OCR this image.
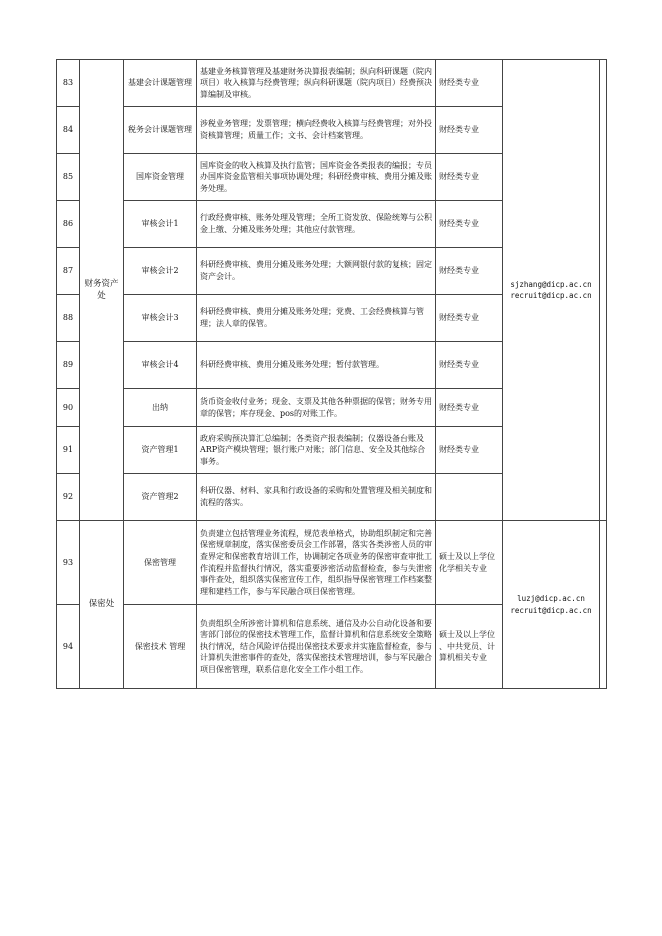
83	财务资产处	基建会计课题管理	基建业务核算管理及基建财务决算报表编制；纵向科研课题（院内项目）收入核算与经费管理；纵向科研课题（院内项目）经费预决算编制及审核。	财经类专业	sjzhang@dicp.ac.cn
recruit@dicp.ac.cn	

84		税务会计课题管理	涉税业务管理；发票管理；横向经费收入核算与经费管理；对外投资核算管理；质量工作；文书、会计档案管理。	财经类专业		
85		国库资金管理	国库资金的收入核算及执行监管；国库资金各类报表的编报；专员办国库资金监管相关事项协调处理；科研经费审核、费用分摊及账务处理。	财经类专业		
86		审核会计1	行政经费审核、账务处理及管理；全所工资发放、保险统筹与公积金上缴、分摊及账务处理；其他应付款管理。	财经类专业		
87		审核会计2	科研经费审核、费用分摊及账务处理；大额网银付款的复核；固定资产会计。	财经类专业		
88		审核会计3	科研经费审核、费用分摊及账务处理；党费、工会经费核算与管理；法人章的保管。	财经类专业		
89		审核会计4	科研经费审核、费用分摊及账务处理；暂付款管理。	财经类专业		
90		出纳	货币资金收付业务；现金、支票及其他各种票据的保管；财务专用章的保管；库存现金、pos的对账工作。	财经类专业		
91		资产管理1	政府采购预决算汇总编制；各类资产报表编制；仪器设备台账及ARP资产模块管理；银行账户对账；部门信息、安全及其他综合事务。	财经类专业		
92		资产管理2	科研仪器、材料、家具和行政设备的采购和处置管理及相关制度和流程的落实。			
93	保密处	保密管理	负责建立包括管理业务流程，规范表单格式，协助组织制定和完善保密规章制度，落实保密委员会工作部署，落实各类涉密人员的审查界定和保密教育培训工作，协调制定各项业务的保密审查审批工作流程并监督执行情况，落实重要涉密活动监督检查，参与失泄密事件查处，组织落实保密宣传工作，组织指导保密管理工作档案整理和建档工作，参与军民融合项目保密管理。	硕士及以上学位
化学相关专业	luzj@dicp.ac.cn
recruit@dicp.ac.cn	

94		保密技术 管理	负责组织全所涉密计算机和信息系统、通信及办公自动化设备和要害部门部位的保密技术管理工作，监督计算机和信息系统安全策略执行情况，结合风险评估提出保密技术要求并实施监督检查，参与计算机失泄密事件的查处，落实保密技术管理培训，参与军民融合项目保密管理，联系信息化安全工作小组工作。	硕士及以上学位
、中共党员、计
算机相关专业		
